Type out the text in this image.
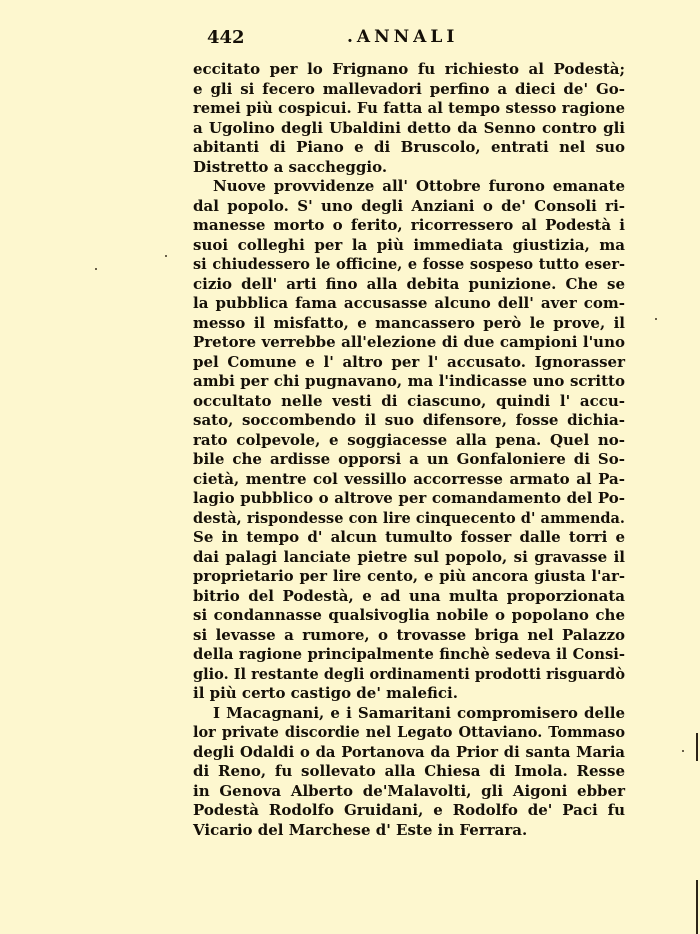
442	.ANNALI
eccitato per lo Frignano fu richiesto al Podestà;
e gli si fecero mallevadori perfino a dieci de' Go-
remei più cospicui. Fu fatta al tempo stesso ragione
a Ugolino degli Ubaldini detto da Senno contro gli
abitanti di Piano e di Bruscolo, entrati nel suo
Distretto a saccheggio.
Nuove provvidenze all' Ottobre furono emanate
dal popolo. S' uno degli Anziani o de' Consoli ri-
manesse morto o ferito, ricorressero al Podestà i
suoi colleghi per la più immediata giustizia, ma
si chiudessero le officine, e fosse sospeso tutto eser-
cizio dell' arti fino alla debita punizione. Che se
la pubblica fama accusasse alcuno dell' aver com-
messo il misfatto, e mancassero però le prove, il
Pretore verrebbe all'elezione di due campioni l'uno
pel Comune e l' altro per l' accusato. Ignorasser
ambi per chi pugnavano, ma l'indicasse uno scritto
occultato nelle vesti di ciascuno, quindi l' accu-
sato, soccombendo il suo difensore, fosse dichia-
rato colpevole, e soggiacesse alla pena. Quel no-
bile che ardisse opporsi a un Gonfaloniere di So-
cietà, mentre col vessillo accorresse armato al Pa-
lagio pubblico o altrove per comandamento del Po-
destà, rispondesse con lire cinquecento d' ammenda.
Se in tempo d' alcun tumulto fosser dalle torri e
dai palagi lanciate pietre sul popolo, si gravasse il
proprietario per lire cento, e più ancora giusta l'ar-
bitrio del Podestà, e ad una multa proporzionata
si condannasse qualsivoglia nobile o popolano che
si levasse a rumore, o trovasse briga nel Palazzo
della ragione principalmente finchè sedeva il Consi-
glio. Il restante degli ordinamenti prodotti risguardò
il più certo castigo de' malefici.
I Macagnani, e i Samaritani compromisero delle
lor private discordie nel Legato Ottaviano. Tommaso
degli Odaldi o da Portanova da Prior di santa Maria
di Reno, fu sollevato alla Chiesa di Imola. Resse
in Genova Alberto de'Malavolti, gli Aigoni ebber
Podestà Rodolfo Gruidani, e Rodolfo de' Paci fu
Vicario del Marchese d' Este in Ferrara.
